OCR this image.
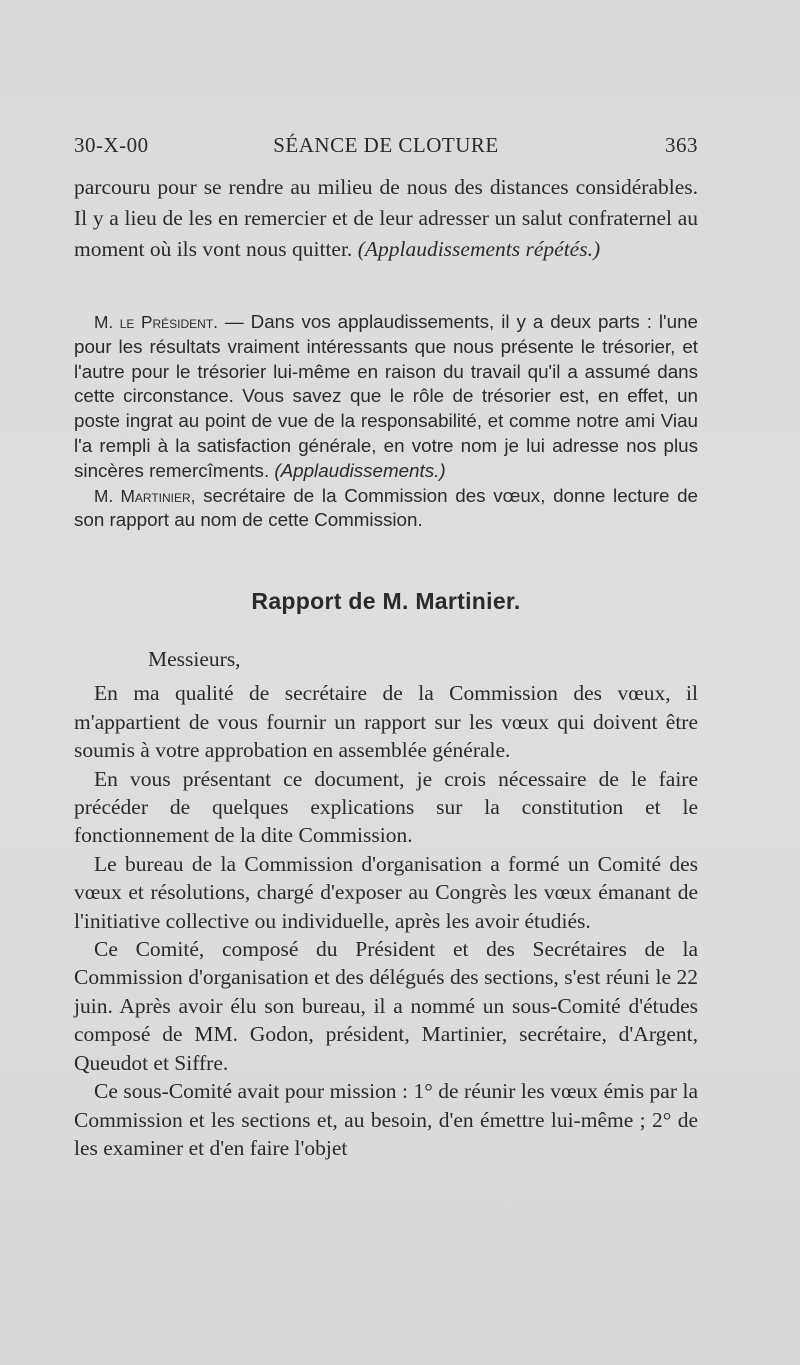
30-X-00	SÉANCE DE CLOTURE	363

parcouru pour se rendre au milieu de nous des distances considérables. Il y a lieu de les en remercier et de leur adresser un salut confraternel au moment où ils vont nous quitter. (Applaudissements répétés.)

M. le Président. — Dans vos applaudissements, il y a deux parts : l'une pour les résultats vraiment intéressants que nous présente le trésorier, et l'autre pour le trésorier lui-même en raison du travail qu'il a assumé dans cette circonstance. Vous savez que le rôle de trésorier est, en effet, un poste ingrat au point de vue de la responsabilité, et comme notre ami Viau l'a rempli à la satisfaction générale, en votre nom je lui adresse nos plus sincères remercîments. (Applaudissements.)

M. Martinier, secrétaire de la Commission des vœux, donne lecture de son rapport au nom de cette Commission.

Rapport de M. Martinier.

Messieurs,

En ma qualité de secrétaire de la Commission des vœux, il m'appartient de vous fournir un rapport sur les vœux qui doivent être soumis à votre approbation en assemblée générale.

En vous présentant ce document, je crois nécessaire de le faire précéder de quelques explications sur la constitution et le fonctionnement de la dite Commission.

Le bureau de la Commission d'organisation a formé un Comité des vœux et résolutions, chargé d'exposer au Congrès les vœux émanant de l'initiative collective ou individuelle, après les avoir étudiés.

Ce Comité, composé du Président et des Secrétaires de la Commission d'organisation et des délégués des sections, s'est réuni le 22 juin. Après avoir élu son bureau, il a nommé un sous-Comité d'études composé de MM. Godon, président, Martinier, secrétaire, d'Argent, Queudot et Siffre.

Ce sous-Comité avait pour mission : 1° de réunir les vœux émis par la Commission et les sections et, au besoin, d'en émettre lui-même ; 2° de les examiner et d'en faire l'objet
